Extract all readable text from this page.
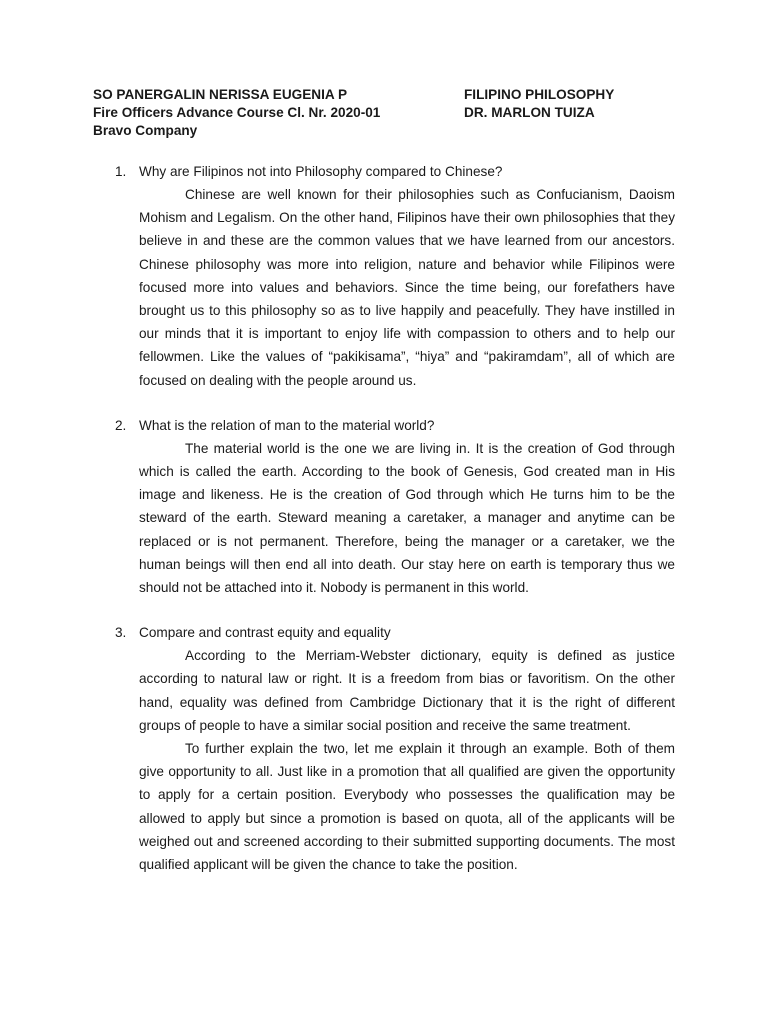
SO PANERGALIN NERISSA EUGENIA P	FILIPINO PHILOSOPHY
Fire Officers Advance Course Cl. Nr. 2020-01	DR. MARLON TUIZA
Bravo Company
1. Why are Filipinos not into Philosophy compared to Chinese?

Chinese are well known for their philosophies such as Confucianism, Daoism Mohism and Legalism. On the other hand, Filipinos have their own philosophies that they believe in and these are the common values that we have learned from our ancestors. Chinese philosophy was more into religion, nature and behavior while Filipinos were focused more into values and behaviors. Since the time being, our forefathers have brought us to this philosophy so as to live happily and peacefully. They have instilled in our minds that it is important to enjoy life with compassion to others and to help our fellowmen. Like the values of “pakikisama”, “hiya” and “pakiramdam”, all of which are focused on dealing with the people around us.

2. What is the relation of man to the material world?

The material world is the one we are living in. It is the creation of God through which is called the earth. According to the book of Genesis, God created man in His image and likeness. He is the creation of God through which He turns him to be the steward of the earth. Steward meaning a caretaker, a manager and anytime can be replaced or is not permanent. Therefore, being the manager or a caretaker, we the human beings will then end all into death. Our stay here on earth is temporary thus we should not be attached into it. Nobody is permanent in this world.

3. Compare and contrast equity and equality

According to the Merriam-Webster dictionary, equity is defined as justice according to natural law or right. It is a freedom from bias or favoritism. On the other hand, equality was defined from Cambridge Dictionary that it is the right of different groups of people to have a similar social position and receive the same treatment.

To further explain the two, let me explain it through an example. Both of them give opportunity to all. Just like in a promotion that all qualified are given the opportunity to apply for a certain position. Everybody who possesses the qualification may be allowed to apply but since a promotion is based on quota, all of the applicants will be weighed out and screened according to their submitted supporting documents. The most qualified applicant will be given the chance to take the position.
